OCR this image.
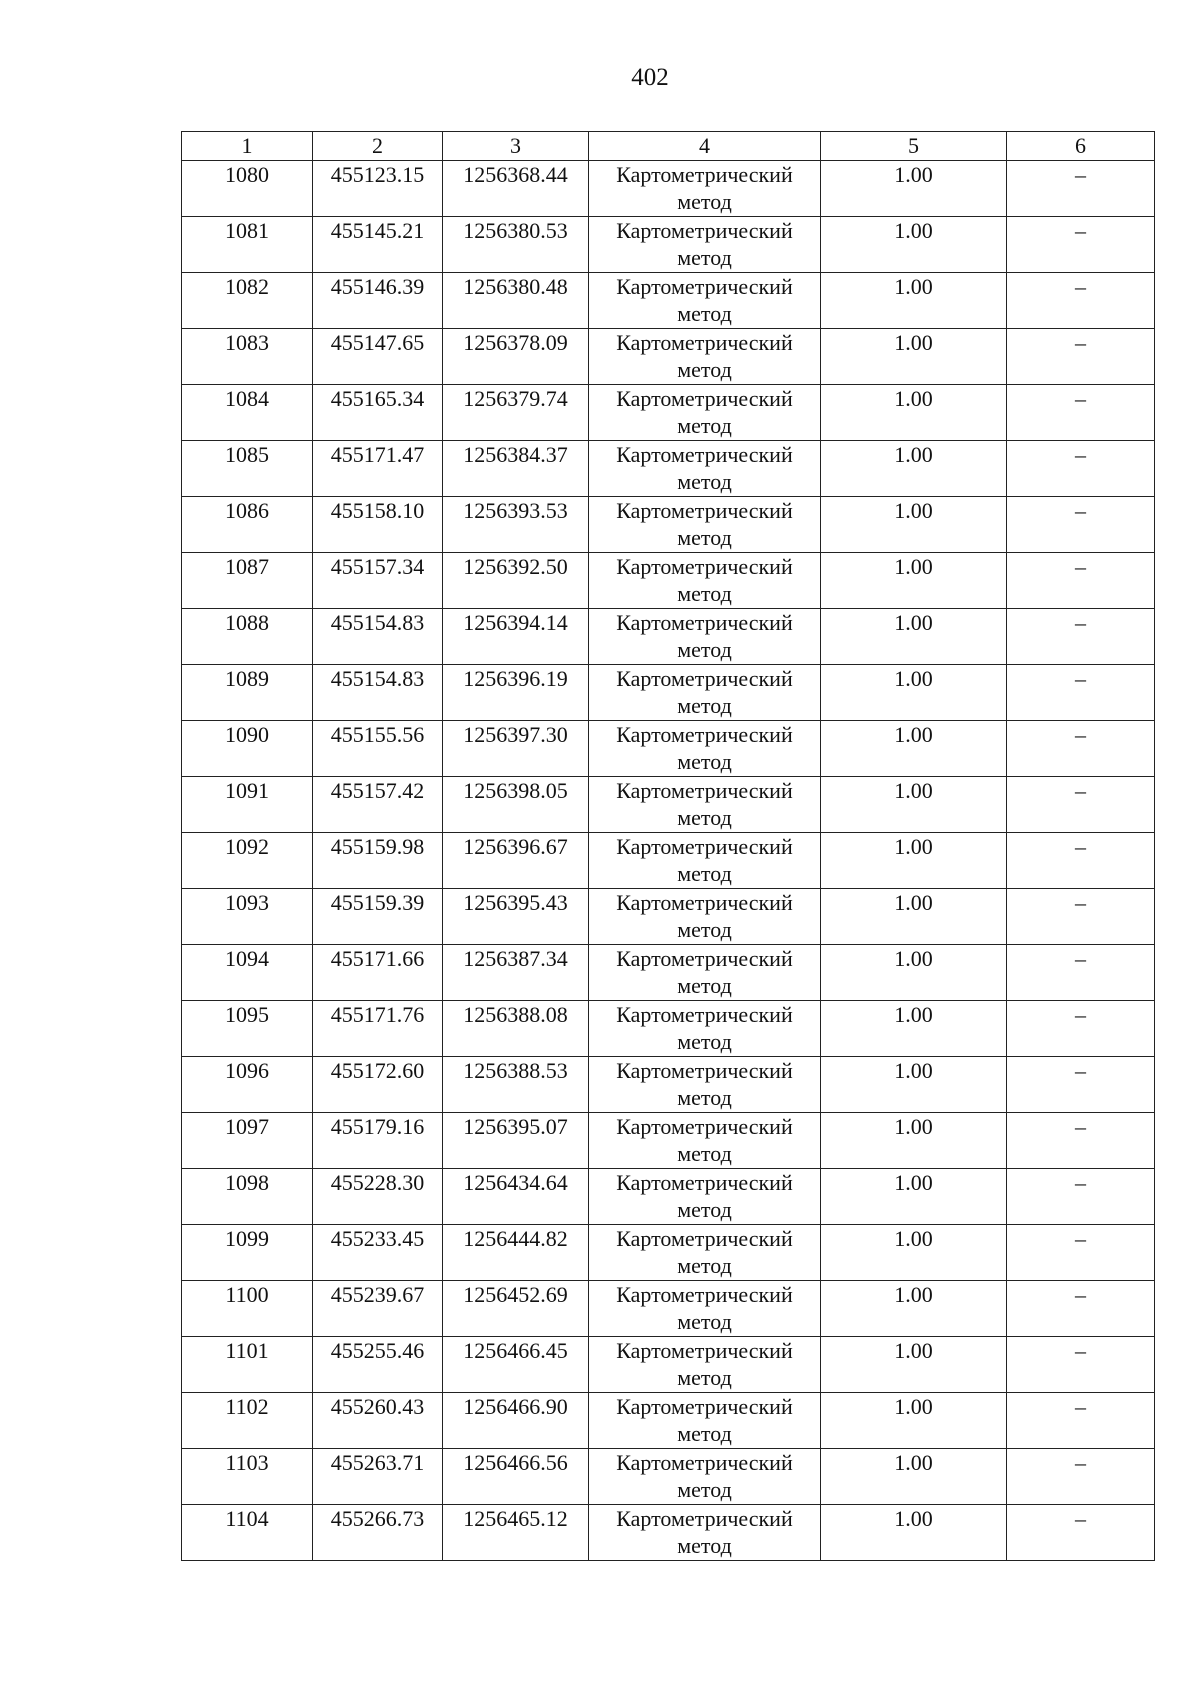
402
1	2	3	4	5	6
1080	455123.15	1256368.44	Картометрический метод	1.00	–
1081	455145.21	1256380.53	Картометрический метод	1.00	–
1082	455146.39	1256380.48	Картометрический метод	1.00	–
1083	455147.65	1256378.09	Картометрический метод	1.00	–
1084	455165.34	1256379.74	Картометрический метод	1.00	–
1085	455171.47	1256384.37	Картометрический метод	1.00	–
1086	455158.10	1256393.53	Картометрический метод	1.00	–
1087	455157.34	1256392.50	Картометрический метод	1.00	–
1088	455154.83	1256394.14	Картометрический метод	1.00	–
1089	455154.83	1256396.19	Картометрический метод	1.00	–
1090	455155.56	1256397.30	Картометрический метод	1.00	–
1091	455157.42	1256398.05	Картометрический метод	1.00	–
1092	455159.98	1256396.67	Картометрический метод	1.00	–
1093	455159.39	1256395.43	Картометрический метод	1.00	–
1094	455171.66	1256387.34	Картометрический метод	1.00	–
1095	455171.76	1256388.08	Картометрический метод	1.00	–
1096	455172.60	1256388.53	Картометрический метод	1.00	–
1097	455179.16	1256395.07	Картометрический метод	1.00	–
1098	455228.30	1256434.64	Картометрический метод	1.00	–
1099	455233.45	1256444.82	Картометрический метод	1.00	–
1100	455239.67	1256452.69	Картометрический метод	1.00	–
1101	455255.46	1256466.45	Картометрический метод	1.00	–
1102	455260.43	1256466.90	Картометрический метод	1.00	–
1103	455263.71	1256466.56	Картометрический метод	1.00	–
1104	455266.73	1256465.12	Картометрический метод	1.00	–
